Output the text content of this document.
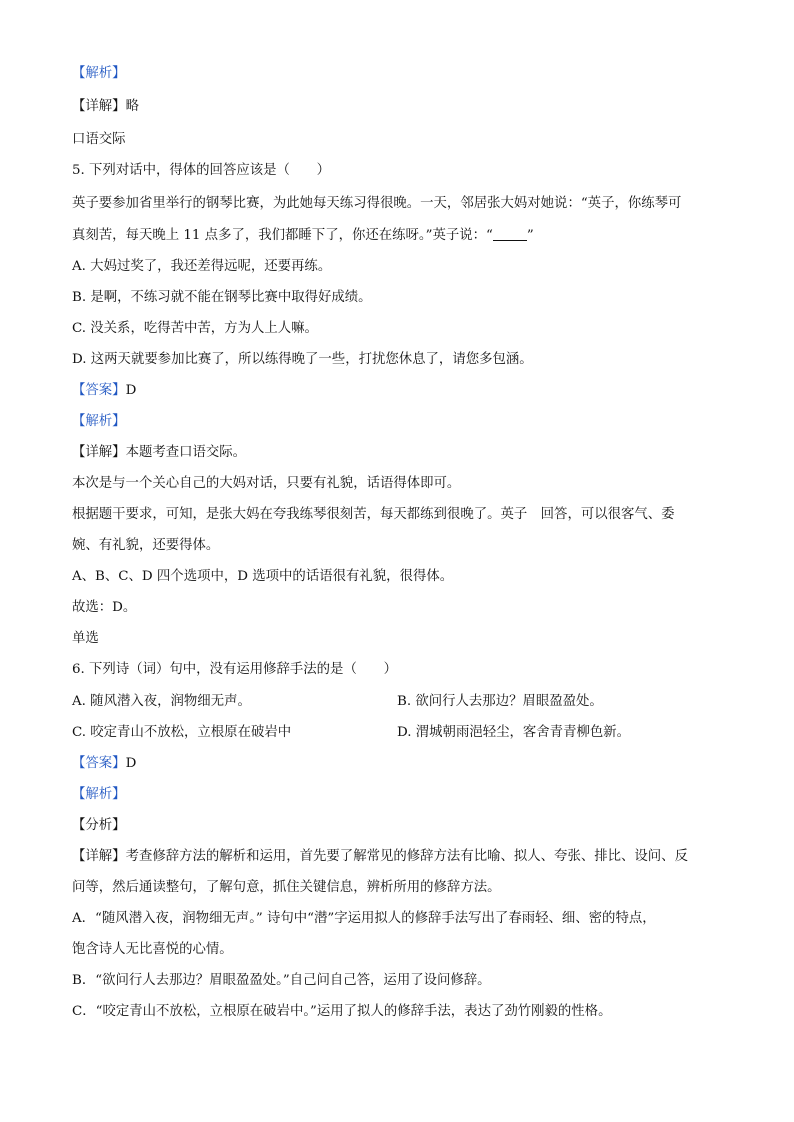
【解析】
【详解】略
口语交际
5. 下列对话中，得体的回答应该是（　　）
英子要参加省里举行的钢琴比赛，为此她每天练习得很晚。一天，邻居张大妈对她说：“英子，你练琴可
真刻苦，每天晚上 11 点多了，我们都睡下了，你还在练呀。”英子说：“	”
A. 大妈过奖了，我还差得远呢，还要再练。
B. 是啊，不练习就不能在钢琴比赛中取得好成绩。
C. 没关系，吃得苦中苦，方为人上人嘛。
D. 这两天就要参加比赛了，所以练得晚了一些，打扰您休息了，请您多包涵。
【答案】D
【解析】
【详解】本题考查口语交际。
本次是与一个关心自己的大妈对话，只要有礼貌，话语得体即可。
根据题干要求，可知，是张大妈在夸我练琴很刻苦，每天都练到很晚了。英子　回答，可以很客气、委
婉、有礼貌，还要得体。
A、B、C、D 四个选项中，D 选项中的话语很有礼貌，很得体。
故选：D。
单选
6. 下列诗（词）句中，没有运用修辞手法的是（　　）
A. 随风潜入夜，润物细无声。	B. 欲问行人去那边？眉眼盈盈处。
C. 咬定青山不放松，立根原在破岩中	D. 渭城朝雨浥轻尘，客舍青青柳色新。
【答案】D
【解析】
【分析】
【详解】考查修辞方法的解析和运用，首先要了解常见的修辞方法有比喻、拟人、夸张、排比、设问、反
问等，然后通读整句，了解句意，抓住关键信息，辨析所用的修辞方法。
A．“随风潜入夜，润物细无声。” 诗句中“潜”字运用拟人的修辞手法写出了春雨轻、细、密的特点，
饱含诗人无比喜悦的心情。
B．“欲问行人去那边？眉眼盈盈处。”自己问自己答，运用了设问修辞。
C．“咬定青山不放松，立根原在破岩中。”运用了拟人的修辞手法，表达了劲竹刚毅的性格。
